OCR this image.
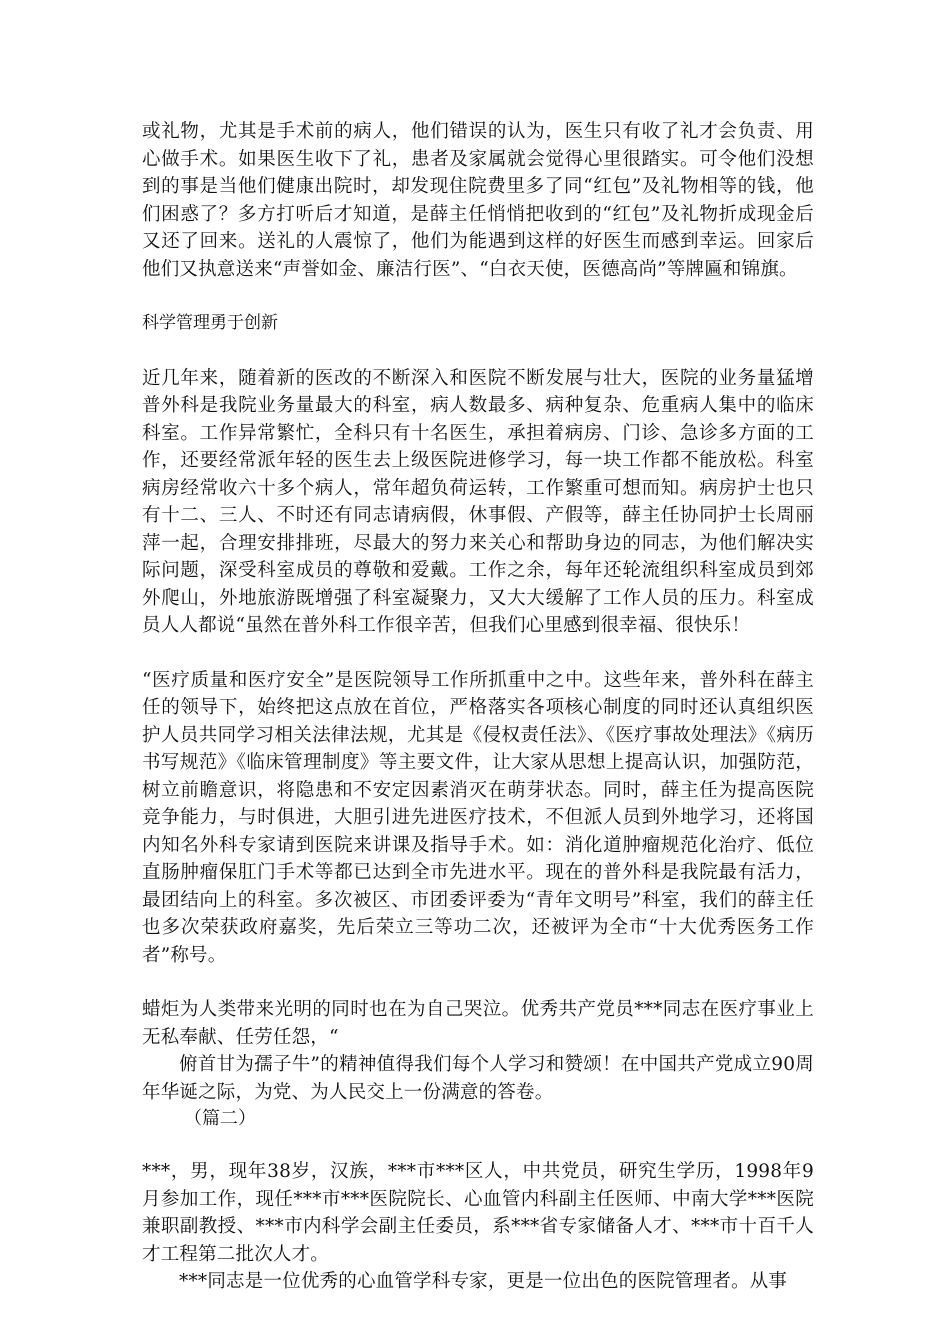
或礼物，尤其是手术前的病人，他们错误的认为，医生只有收了礼才会负责、用心做手术。如果医生收下了礼，患者及家属就会觉得心里很踏实。可令他们没想到的事是当他们健康出院时，却发现住院费里多了同“红包”及礼物相等的钱，他们困惑了？多方打听后才知道，是薛主任悄悄把收到的“红包”及礼物折成现金后又还了回来。送礼的人震惊了，他们为能遇到这样的好医生而感到幸运。回家后他们又执意送来“声誉如金、廉洁行医”、“白衣天使，医德高尚”等牌匾和锦旗。

科学管理勇于创新

近几年来，随着新的医改的不断深入和医院不断发展与壮大，医院的业务量猛增普外科是我院业务量最大的科室，病人数最多、病种复杂、危重病人集中的临床科室。工作异常繁忙，全科只有十名医生，承担着病房、门诊、急诊多方面的工作，还要经常派年轻的医生去上级医院进修学习，每一块工作都不能放松。科室病房经常收六十多个病人，常年超负荷运转，工作繁重可想而知。病房护士也只有十二、三人、不时还有同志请病假，休事假、产假等，薛主任协同护士长周丽萍一起，合理安排排班，尽最大的努力来关心和帮助身边的同志，为他们解决实际问题，深受科室成员的尊敬和爱戴。工作之余，每年还轮流组织科室成员到郊外爬山，外地旅游既增强了科室凝聚力，又大大缓解了工作人员的压力。科室成员人人都说“虽然在普外科工作很辛苦，但我们心里感到很幸福、很快乐！

“医疗质量和医疗安全”是医院领导工作所抓重中之中。这些年来，普外科在薛主任的领导下，始终把这点放在首位，严格落实各项核心制度的同时还认真组织医护人员共同学习相关法律法规，尤其是《侵权责任法》、《医疗事故处理法》《病历书写规范》《临床管理制度》等主要文件，让大家从思想上提高认识，加强防范，树立前瞻意识，将隐患和不安定因素消灭在萌芽状态。同时，薛主任为提高医院竞争能力，与时俱进，大胆引进先进医疗技术，不但派人员到外地学习，还将国内知名外科专家请到医院来讲课及指导手术。如：消化道肿瘤规范化治疗、低位直肠肿瘤保肛门手术等都已达到全市先进水平。现在的普外科是我院最有活力，最团结向上的科室。多次被区、市团委评委为“青年文明号”科室，我们的薛主任也多次荣获政府嘉奖，先后荣立三等功二次，还被评为全市“十大优秀医务工作者”称号。

蜡炬为人类带来光明的同时也在为自己哭泣。优秀共产党员***同志在医疗事业上无私奉献、任劳任怨，“

俯首甘为孺子牛”的精神值得我们每个人学习和赞颂！在中国共产党成立90周年华诞之际，为党、为人民交上一份满意的答卷。

（篇二）

***，男，现年38岁，汉族，***市***区人，中共党员，研究生学历，1998年9月参加工作，现任***市***医院院长、心血管内科副主任医师、中南大学***医院兼职副教授、***市内科学会副主任委员，系***省专家储备人才、***市十百千人才工程第二批次人才。

***同志是一位优秀的心血管学科专家，更是一位出色的医院管理者。从事
